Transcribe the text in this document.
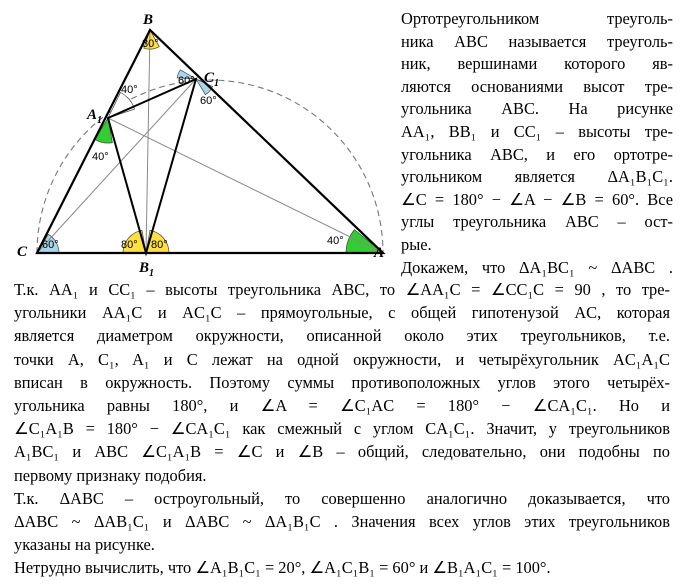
B
$C_1$
$A_1$
C
$B_1$
A
80°
60°
60°
40°
40°
60°	80° 80°	40°
Ортотреугольником треуголь-
ника ABC называется треуголь-
ник, вершинами которого яв-
ляются основаниями высот тре-
угольника ABC. На рисунке
AA₁, BB₁ и CC₁ – высоты тре-
угольника ABC, и его ортотре-
угольником является ΔA₁B₁C₁.
∠C = 180° − ∠A − ∠B = 60°. Все
углы треугольника ABC – ост-
рые.
Докажем, что ΔA₁BC₁ ~ ΔABC .
Т.к. AA₁ и CC₁ – высоты треугольника ABC, то ∠AA₁C = ∠CC₁C = 90 , то тре-
угольники AA₁C и AC₁C – прямоугольные, с общей гипотенузой AC, которая
является диаметром окружности, описанной около этих треугольников, т.е.
точки A, C₁, A₁ и C лежат на одной окружности, и четырёхугольник AC₁A₁C
вписан в окружность. Поэтому суммы противоположных углов этого четырёх-
угольника равны 180°, и ∠A = ∠C₁AC = 180° − ∠CA₁C₁. Но и
∠C₁A₁B = 180° − ∠CA₁C₁ как смежный с углом CA₁C₁. Значит, у треугольников
A₁BC₁ и ABC ∠C₁A₁B = ∠C и ∠B – общий, следовательно, они подобны по
первому признаку подобия.
Т.к. ΔABC – остроугольный, то совершенно аналогично доказывается, что
ΔABC ~ ΔAB₁C₁ и ΔABC ~ ΔA₁B₁C . Значения всех углов этих треугольников
указаны на рисунке.
Нетрудно вычислить, что ∠A₁B₁C₁ = 20°, ∠A₁C₁B₁ = 60° и ∠B₁A₁C₁ = 100°.
